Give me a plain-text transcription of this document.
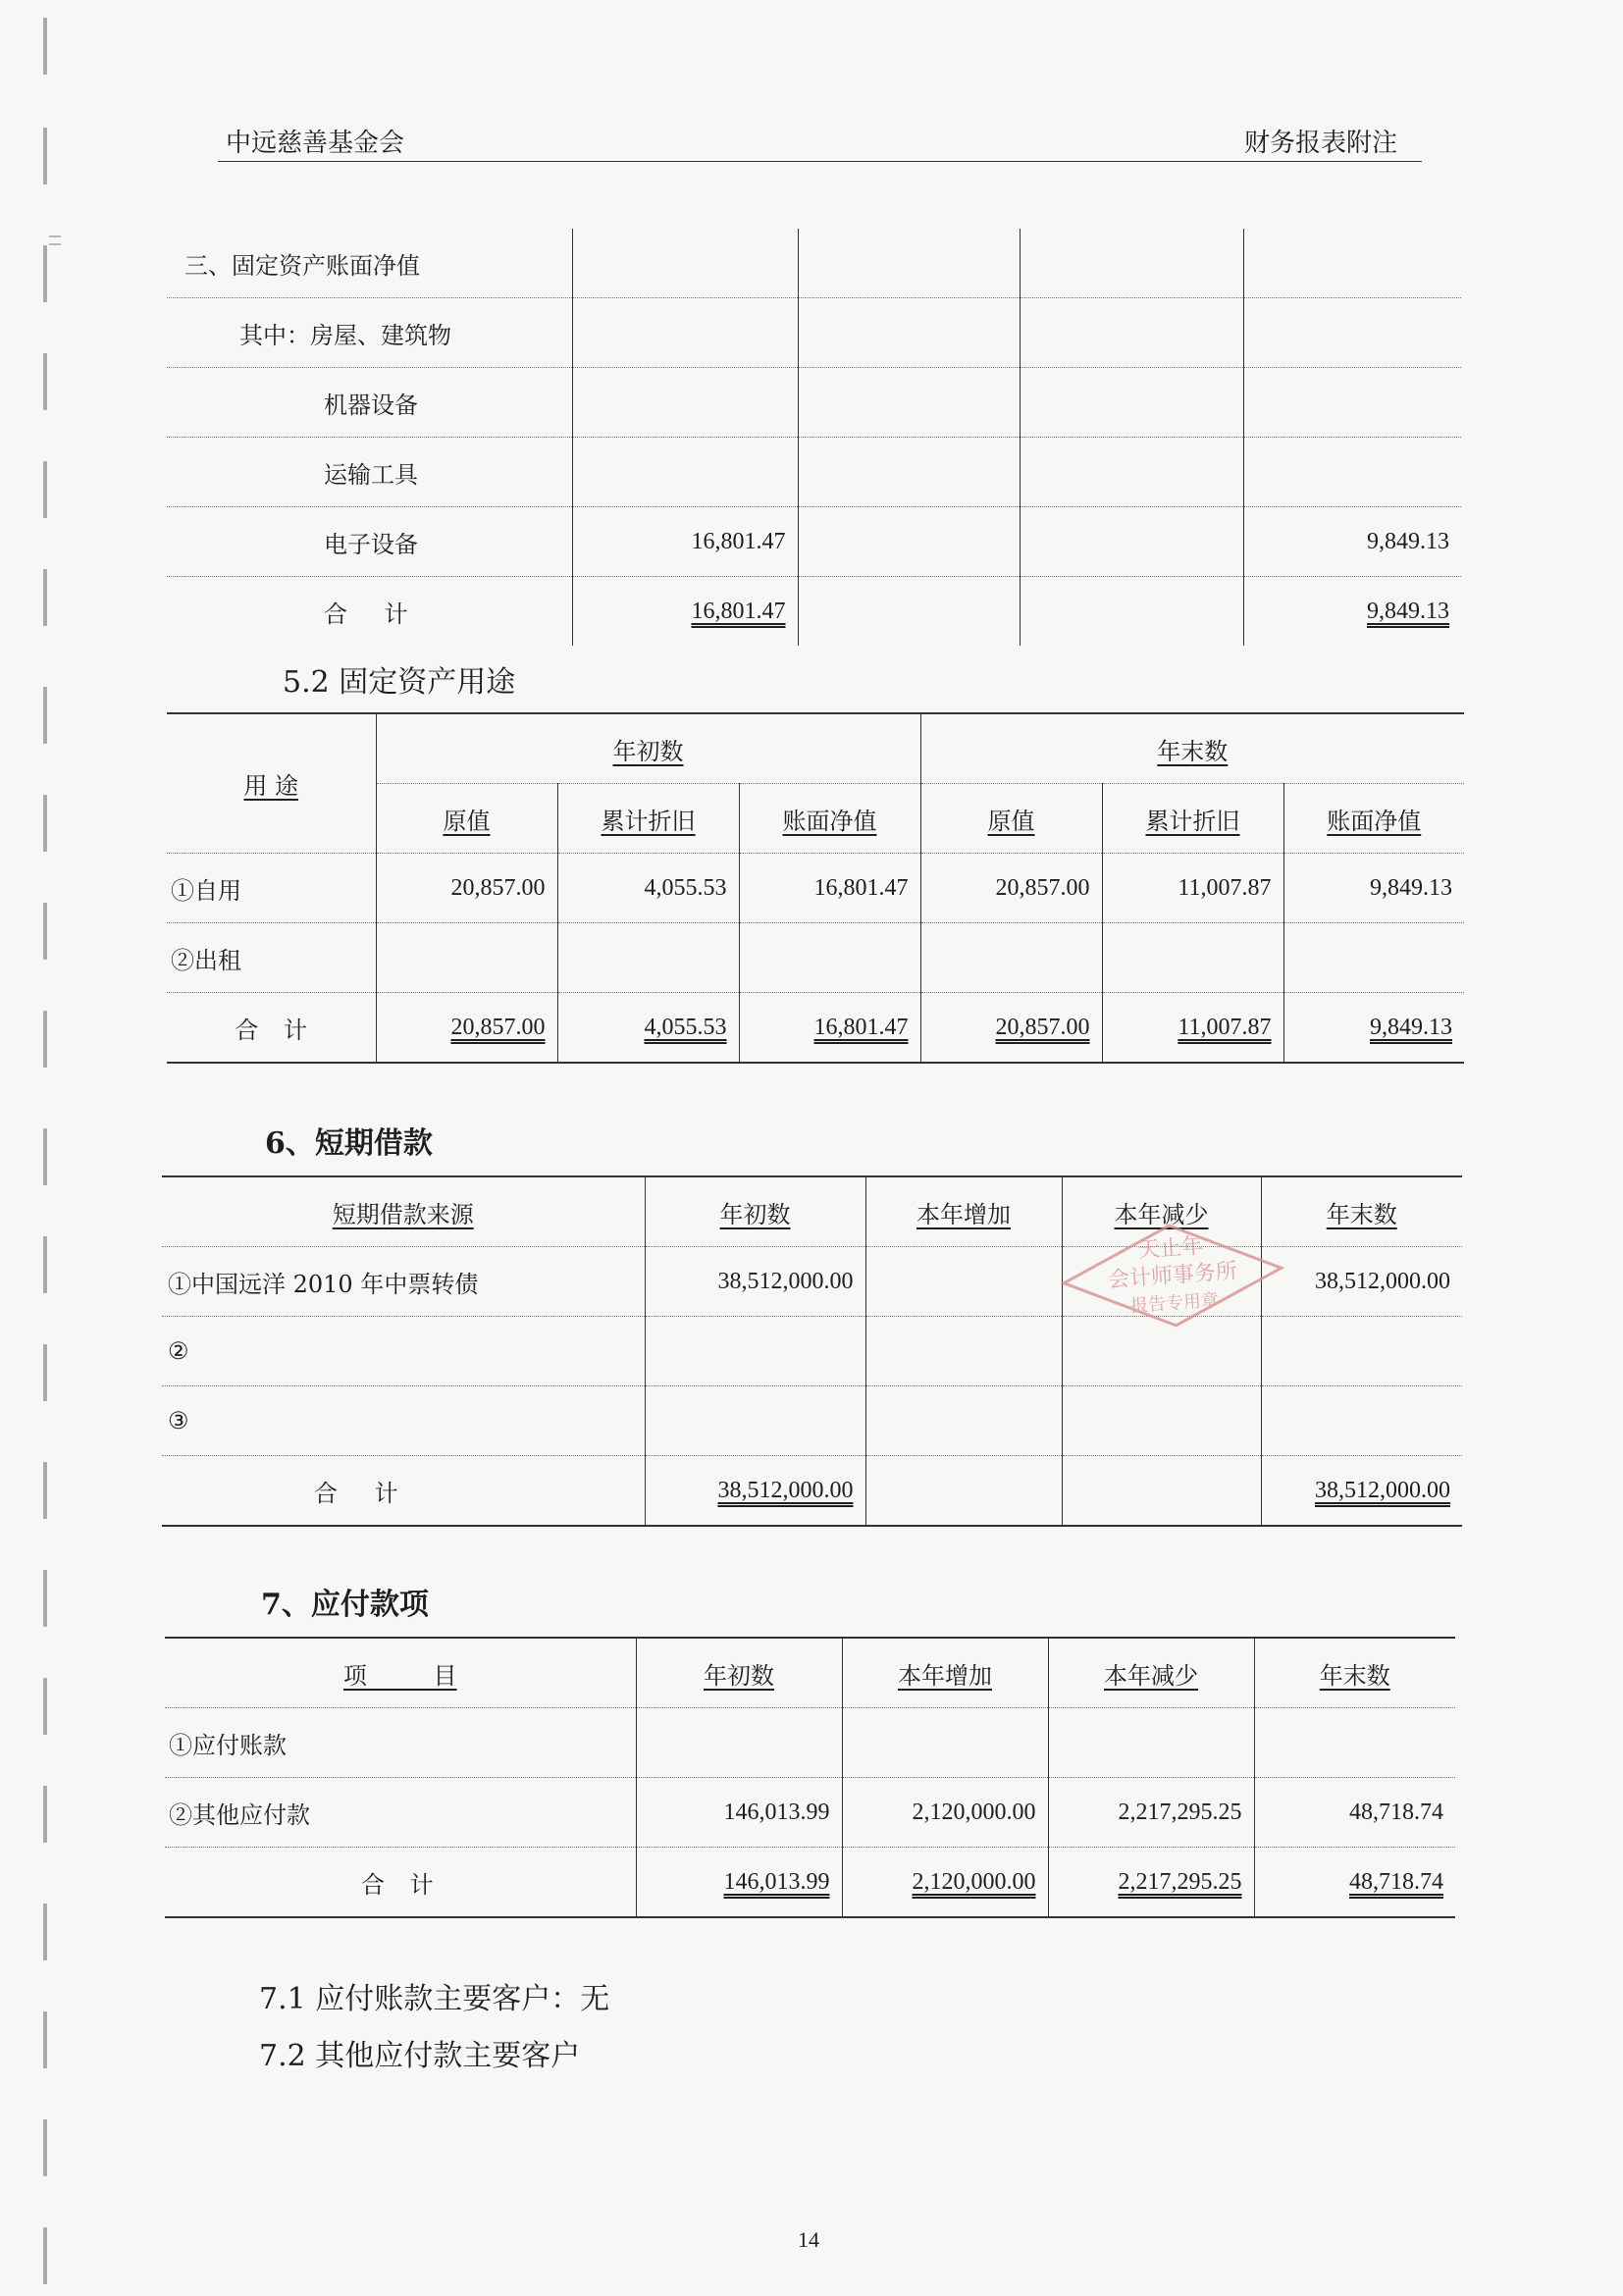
中远慈善基金会	财务报表附注
三、固定资产账面净值				
其中：房屋、建筑物				
机器设备				
运输工具				
电子设备	16,801.47			9,849.13
合 计	16,801.47			9,849.13
5.2 固定资产用途
用 途	年初数			年末数		
	原值	累计折旧	账面净值	原值	累计折旧	账面净值
①自用	20,857.00	4,055.53	16,801.47	20,857.00	11,007.87	9,849.13
②出租						
合 计	20,857.00	4,055.53	16,801.47	20,857.00	11,007.87	9,849.13
6、短期借款
短期借款来源	年初数	本年增加	本年减少	年末数
①中国远洋 2010 年中票转债	38,512,000.00			38,512,000.00
②				
③				
合 计	38,512,000.00			38,512,000.00
天止年
会计师事务所
报告专用章
7、应付款项
项 目	年初数	本年增加	本年减少	年末数
①应付账款				
②其他应付款	146,013.99	2,120,000.00	2,217,295.25	48,718.74
合 计	146,013.99	2,120,000.00	2,217,295.25	48,718.74
7.1 应付账款主要客户：无
7.2 其他应付款主要客户
14
